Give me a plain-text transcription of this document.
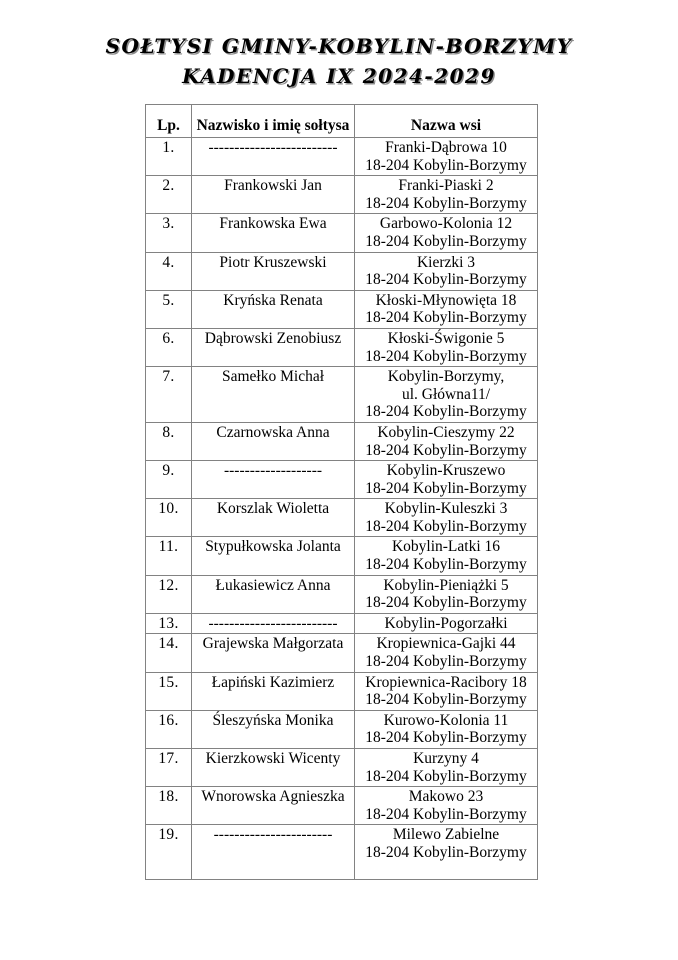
SOŁTYSI GMINY-KOBYLIN-BORZYMY
KADENCJA IX 2024-2029
Lp.	Nazwisko i imię sołtysa	Nazwa wsi
1.	-------------------------	Franki-Dąbrowa 10
18-204 Kobylin-Borzymy

2.	Frankowski Jan	Franki-Piaski 2
18-204 Kobylin-Borzymy

3.	Frankowska Ewa	Garbowo-Kolonia 12
18-204 Kobylin-Borzymy

4.	Piotr Kruszewski	Kierzki 3
18-204 Kobylin-Borzymy

5.	Kryńska Renata	Kłoski-Młynowięta 18
18-204 Kobylin-Borzymy

6.	Dąbrowski Zenobiusz	Kłoski-Świgonie 5
18-204 Kobylin-Borzymy

7.	Samełko Michał	Kobylin-Borzymy,
ul. Główna11/
18-204 Kobylin-Borzymy

8.	Czarnowska Anna	Kobylin-Cieszymy 22
18-204 Kobylin-Borzymy

9.	-------------------	Kobylin-Kruszewo
18-204 Kobylin-Borzymy

10.	Korszlak Wioletta	Kobylin-Kuleszki 3
18-204 Kobylin-Borzymy

11.	Stypułkowska Jolanta	Kobylin-Latki 16
18-204 Kobylin-Borzymy

12.	Łukasiewicz Anna	Kobylin-Pieniążki 5
18-204 Kobylin-Borzymy

13.	-------------------------	Kobylin-Pogorzałki

14.	Grajewska Małgorzata	Kropiewnica-Gajki 44
18-204 Kobylin-Borzymy

15.	Łapiński Kazimierz	Kropiewnica-Racibory 18
18-204 Kobylin-Borzymy

16.	Śleszyńska Monika	Kurowo-Kolonia 11
18-204 Kobylin-Borzymy

17.	Kierzkowski Wicenty	Kurzyny 4
18-204 Kobylin-Borzymy

18.	Wnorowska Agnieszka	Makowo 23
18-204 Kobylin-Borzymy

19.	-----------------------	Milewo Zabielne
18-204 Kobylin-Borzymy
